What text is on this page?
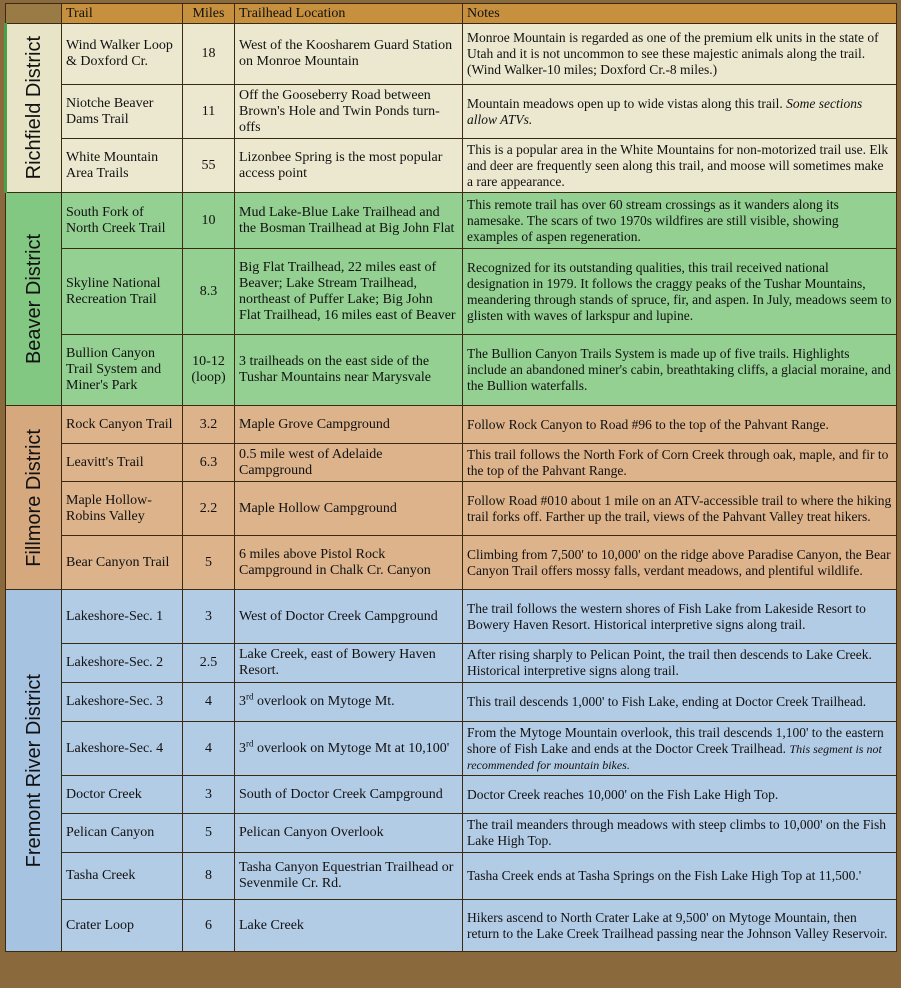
	Trail	Miles	Trailhead Location	Notes

Richfield District	Wind Walker Loop & Doxford Cr.	18	West of the Koosharem Guard Station on Monroe Mountain	Monroe Mountain is regarded as one of the premium elk units in the state of Utah and it is not uncommon to see these majestic animals along the trail. (Wind Walker-10 miles; Doxford Cr.-8 miles.)
	Niotche Beaver Dams Trail	11	Off the Gooseberry Road between Brown's Hole and Twin Ponds turn-offs	Mountain meadows open up to wide vistas along this trail. Some sections allow ATVs.
	White Mountain Area Trails	55	Lizonbee Spring is the most popular access point	This is a popular area in the White Mountains for non-motorized trail use. Elk and deer are frequently seen along this trail, and moose will sometimes make a rare appearance.

Beaver District	South Fork of North Creek Trail	10	Mud Lake-Blue Lake Trailhead and the Bosman Trailhead at Big John Flat	This remote trail has over 60 stream crossings as it wanders along its namesake. The scars of two 1970s wildfires are still visible, showing examples of aspen regeneration.
	Skyline National Recreation Trail	8.3	Big Flat Trailhead, 22 miles east of Beaver; Lake Stream Trailhead, northeast of Puffer Lake; Big John Flat Trailhead, 16 miles east of Beaver	Recognized for its outstanding qualities, this trail received national designation in 1979. It follows the craggy peaks of the Tushar Mountains, meandering through stands of spruce, fir, and aspen. In July, meadows seem to glisten with waves of larkspur and lupine.
	Bullion Canyon Trail System and Miner's Park	10-12 (loop)	3 trailheads on the east side of the Tushar Mountains near Marysvale	The Bullion Canyon Trails System is made up of five trails. Highlights include an abandoned miner's cabin, breathtaking cliffs, a glacial moraine, and the Bullion waterfalls.

Fillmore District	Rock Canyon Trail	3.2	Maple Grove Campground	Follow Rock Canyon to Road #96 to the top of the Pahvant Range.
	Leavitt's Trail	6.3	0.5 mile west of Adelaide Campground	This trail follows the North Fork of Corn Creek through oak, maple, and fir to the top of the Pahvant Range.
	Maple Hollow-Robins Valley	2.2	Maple Hollow Campground	Follow Road #010 about 1 mile on an ATV-accessible trail to where the hiking trail forks off. Farther up the trail, views of the Pahvant Valley treat hikers.
	Bear Canyon Trail	5	6 miles above Pistol Rock Campground in Chalk Cr. Canyon	Climbing from 7,500' to 10,000' on the ridge above Paradise Canyon, the Bear Canyon Trail offers mossy falls, verdant meadows, and plentiful wildlife.

Fremont River District	Lakeshore-Sec. 1	3	West of Doctor Creek Campground	The trail follows the western shores of Fish Lake from Lakeside Resort to Bowery Haven Resort. Historical interpretive signs along trail.
	Lakeshore-Sec. 2	2.5	Lake Creek, east of Bowery Haven Resort.	After rising sharply to Pelican Point, the trail then descends to Lake Creek. Historical interpretive signs along trail.
	Lakeshore-Sec. 3	4	3rd overlook on Mytoge Mt.	This trail descends 1,000' to Fish Lake, ending at Doctor Creek Trailhead.
	Lakeshore-Sec. 4	4	3rd overlook on Mytoge Mt at 10,100'	From the Mytoge Mountain overlook, this trail descends 1,100' to the eastern shore of Fish Lake and ends at the Doctor Creek Trailhead. This segment is not recommended for mountain bikes.
	Doctor Creek	3	South of Doctor Creek Campground	Doctor Creek reaches 10,000' on the Fish Lake High Top.
	Pelican Canyon	5	Pelican Canyon Overlook	The trail meanders through meadows with steep climbs to 10,000' on the Fish Lake High Top.
	Tasha Creek	8	Tasha Canyon Equestrian Trailhead or Sevenmile Cr. Rd.	Tasha Creek ends at Tasha Springs on the Fish Lake High Top at 11,500.'
	Crater Loop	6	Lake Creek	Hikers ascend to North Crater Lake at 9,500' on Mytoge Mountain, then return to the Lake Creek Trailhead passing near the Johnson Valley Reservoir.
